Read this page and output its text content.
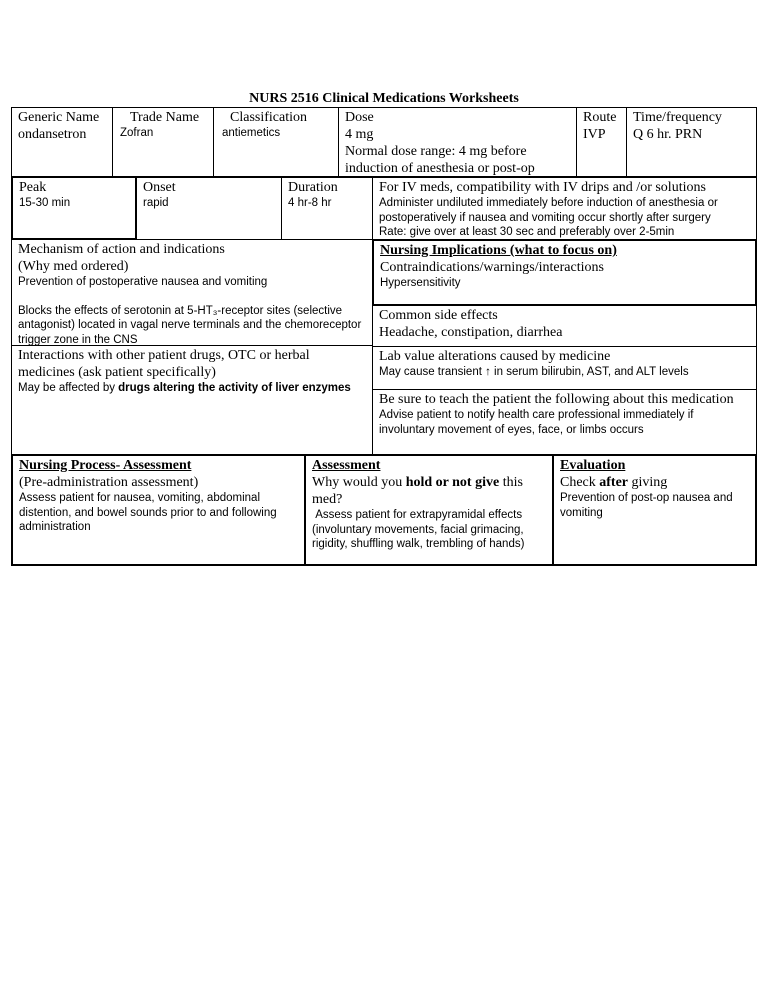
NURS 2516 Clinical Medications Worksheets
Generic Name
ondansetron
Trade Name
Zofran
Classification
antiemetics
Dose
4 mg
Normal dose range: 4 mg before induction of anesthesia or post-op
Route
IVP
Time/frequency
Q 6 hr. PRN
Peak
15-30 min
Onset
rapid
Duration
4 hr-8 hr
For IV meds, compatibility with IV drips and /or solutions
Administer undiluted immediately before induction of anesthesia or postoperatively if nausea and vomiting occur shortly after surgery
Rate: give over at least 30 sec and preferably over 2-5min
Mechanism of action and indications
(Why med ordered)
Prevention of postoperative nausea and vomiting
Blocks the effects of serotonin at 5-HT₃-receptor sites (selective antagonist) located in vagal nerve terminals and the chemoreceptor trigger zone in the CNS
Nursing Implications (what to focus on)
Contraindications/warnings/interactions
Hypersensitivity
Common side effects
Headache, constipation, diarrhea
Interactions with other patient drugs, OTC or herbal medicines (ask patient specifically)
May be affected by drugs altering the activity of liver enzymes
Lab value alterations caused by medicine
May cause transient ↑ in serum bilirubin, AST, and ALT levels
Be sure to teach the patient the following about this medication
Advise patient to notify health care professional immediately if involuntary movement of eyes, face, or limbs occurs
Nursing Process- Assessment
(Pre-administration assessment)
Assess patient for nausea, vomiting, abdominal distention, and bowel sounds prior to and following administration
Assessment
Why would you hold or not give this med?
Assess patient for extrapyramidal effects (involuntary movements, facial grimacing, rigidity, shuffling walk, trembling of hands)
Evaluation
Check after giving
Prevention of post-op nausea and vomiting
